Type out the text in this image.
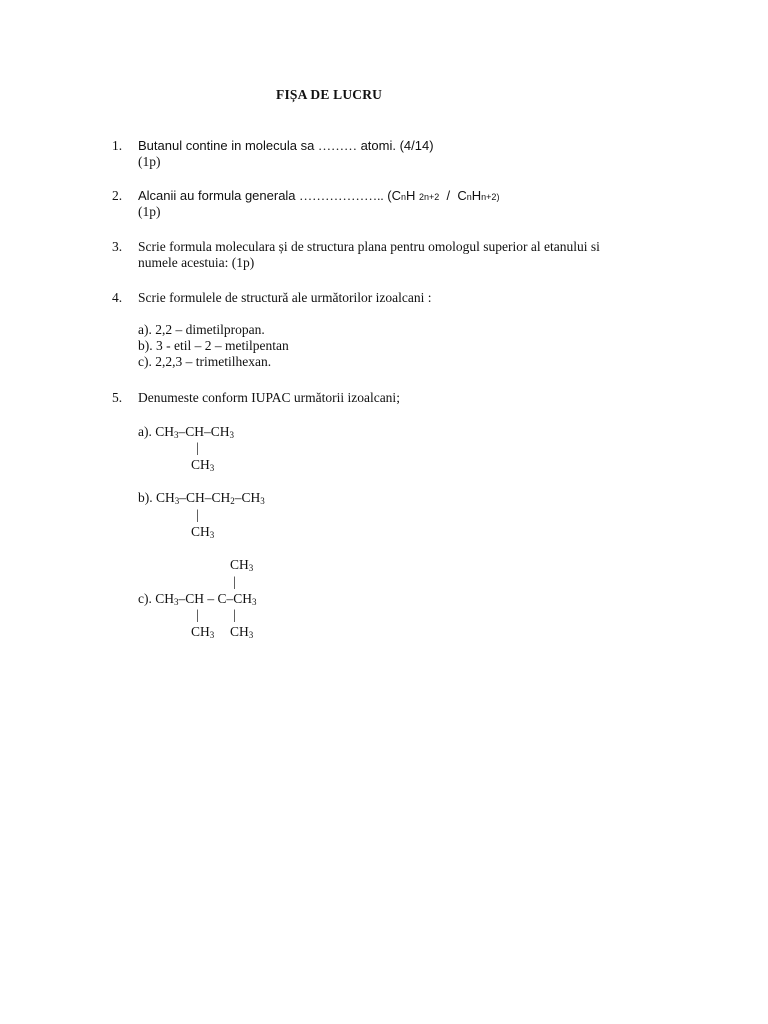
FIȘA DE LUCRU
1. Butanul contine in molecula sa ……… atomi. (4/14)
(1p)
2. Alcanii au formula generala ……………….. (CnH 2n+2  /  CnHn+2)
(1p)
3. Scrie formula moleculara și de structura plana pentru omologul superior al etanului si
numele acestuia: (1p)
4. Scrie formulele de structură ale următorilor izoalcani :
a). 2,2 – dimetilpropan.
b). 3 - etil – 2 – metilpentan
c). 2,2,3 – trimetilhexan.
5. Denumeste conform IUPAC următorii izoalcani;
a). $CH_3-CH-CH_3$
|
$CH_3$
b). $CH_3-CH-CH_2-CH_3$
|
$CH_3$
$CH_3$
|
c). $CH_3-CH - C-CH_3$
|	|
$CH_3$ $CH_3$
